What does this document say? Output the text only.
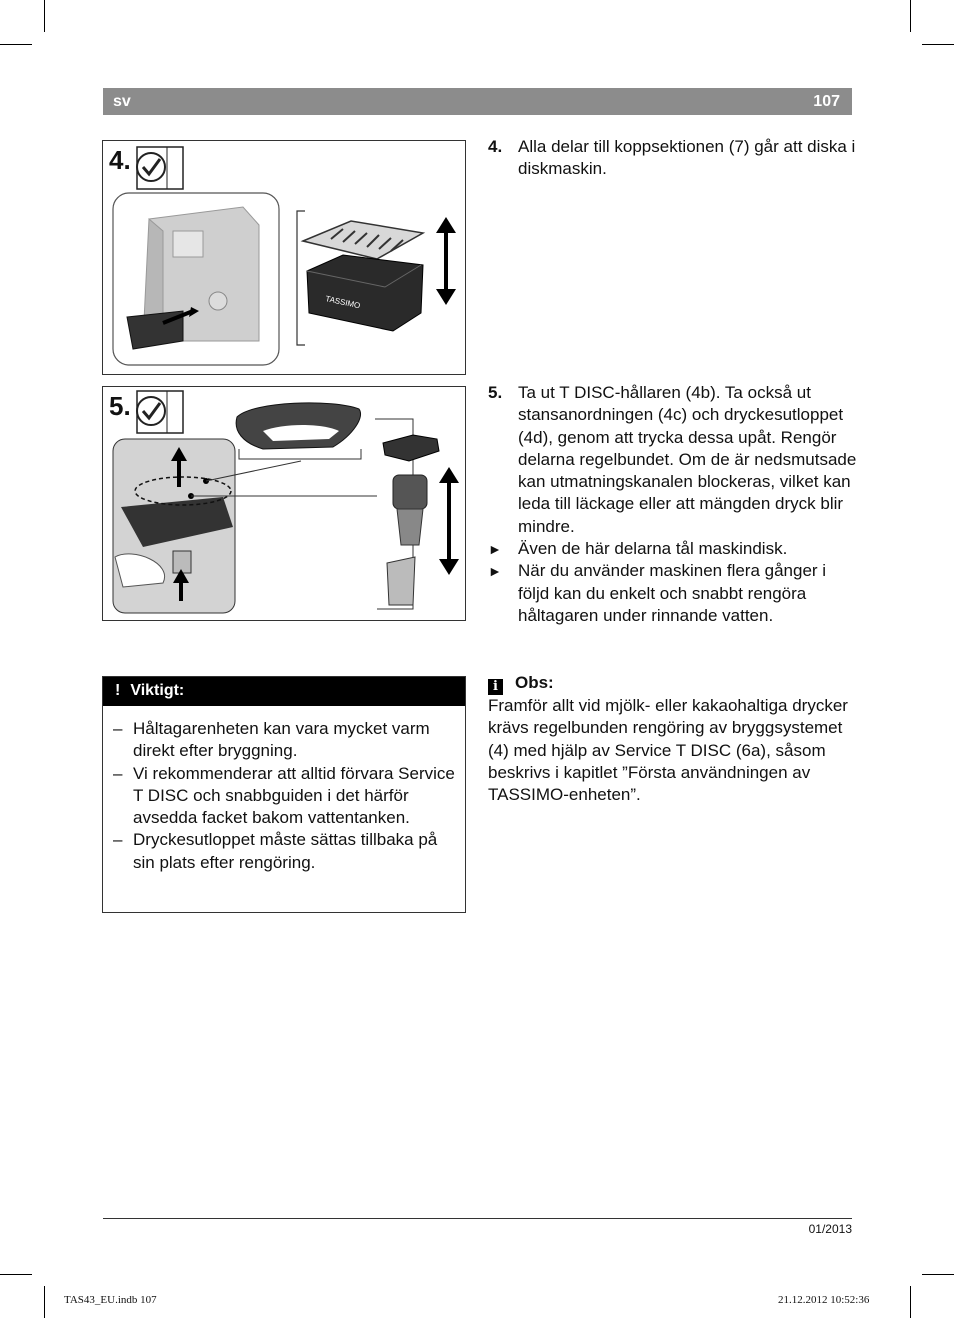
sv	107
4.
TASSIMO
5.
4. Alla delar till koppsektionen (7) går att diska i diskmaskin.
5. Ta ut T DISC-hållaren (4b). Ta också ut stansanordningen (4c) och dryckesutloppet (4d), genom att trycka dessa upåt. Rengör delarna regelbundet. Om de är nedsmutsade kan utmatningskanalen blockeras, vilket kan leda till läckage eller att mängden dryck blir mindre.
► Även de här delarna tål maskindisk.
► När du använder maskinen flera gånger i följd kan du enkelt och snabbt rengöra håltagaren under rinnande vatten.
! Viktigt:
– Håltagarenheten kan vara mycket varm direkt efter bryggning.
– Vi rekommenderar att alltid förvara Service T DISC och snabbguiden i det härför avsedda facket bakom vattentanken.
– Dryckesutloppet måste sättas tillbaka på sin plats efter rengöring.
i Obs:
Framför allt vid mjölk- eller kakaohaltiga drycker krävs regelbunden rengöring av bryggsystemet (4) med hjälp av Service T DISC (6a), såsom beskrivs i kapitlet ”Första användningen av TASSIMO-enheten”.
01/2013
TAS43_EU.indb 107	21.12.2012 10:52:36
